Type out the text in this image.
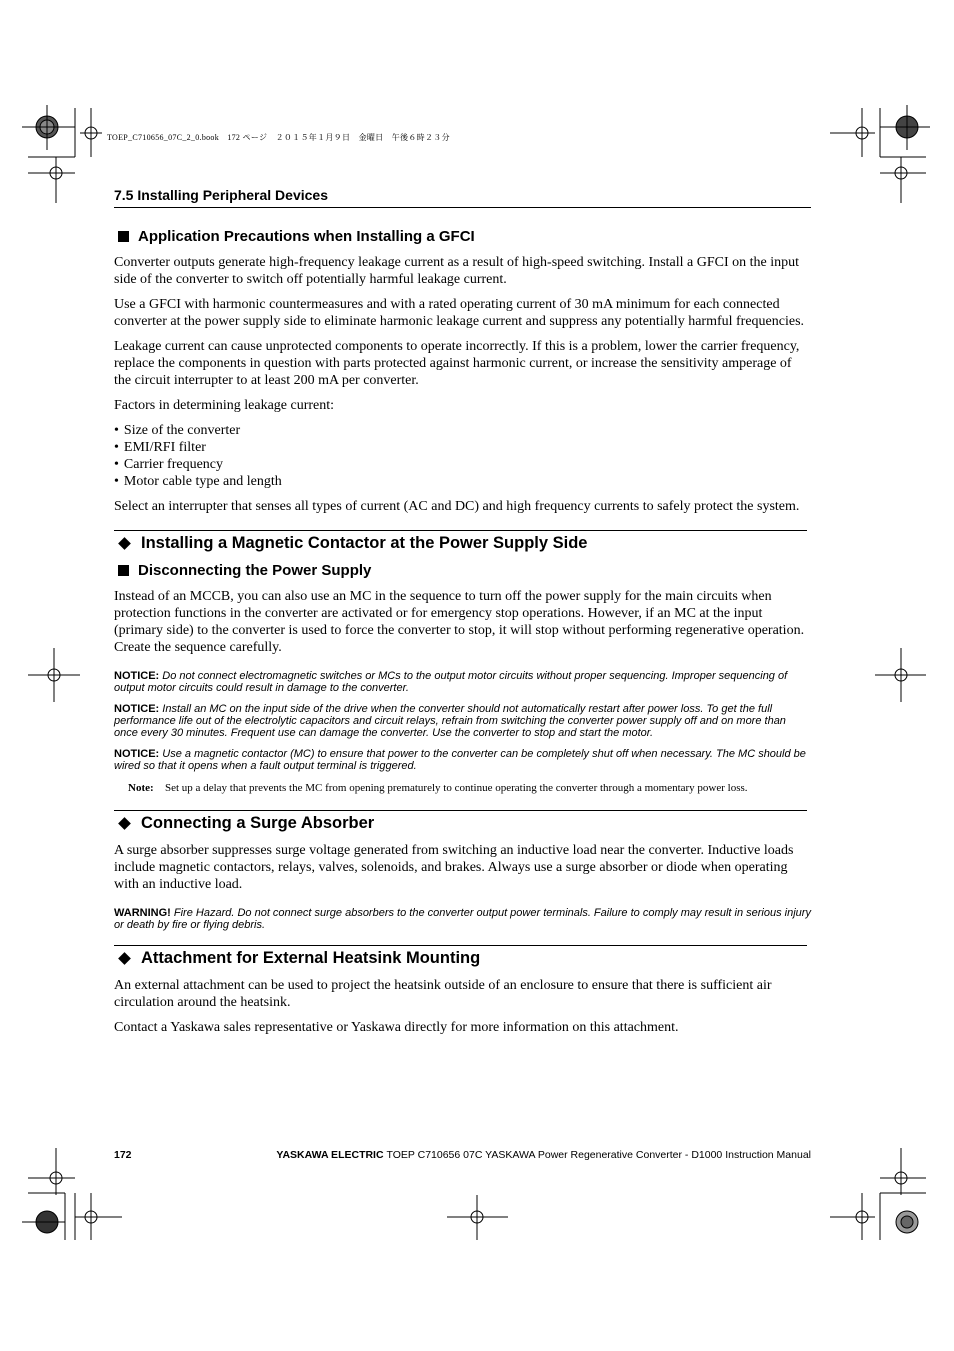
TOEP_C710656_07C_2_0.book　172 ページ　２０１５年１月９日　金曜日　午後６時２３分
7.5 Installing Peripheral Devices
Application Precautions when Installing a GFCI

Converter outputs generate high-frequency leakage current as a result of high-speed switching. Install a GFCI on the input side of the converter to switch off potentially harmful leakage current.

Use a GFCI with harmonic countermeasures and with a rated operating current of 30 mA minimum for each connected converter at the power supply side to eliminate harmonic leakage current and suppress any potentially harmful frequencies.

Leakage current can cause unprotected components to operate incorrectly. If this is a problem, lower the carrier frequency, replace the components in question with parts protected against harmonic current, or increase the sensitivity amperage of the circuit interrupter to at least 200 mA per converter.

Factors in determining leakage current:

• Size of the converter
• EMI/RFI filter
• Carrier frequency
• Motor cable type and length

Select an interrupter that senses all types of current (AC and DC) and high frequency currents to safely protect the system.

Installing a Magnetic Contactor at the Power Supply Side
Disconnecting the Power Supply

Instead of an MCCB, you can also use an MC in the sequence to turn off the power supply for the main circuits when protection functions in the converter are activated or for emergency stop operations. However, if an MC at the input (primary side) to the converter is used to force the converter to stop, it will stop without performing regenerative operation. Create the sequence carefully.

NOTICE: Do not connect electromagnetic switches or MCs to the output motor circuits without proper sequencing. Improper sequencing of output motor circuits could result in damage to the converter.

NOTICE: Install an MC on the input side of the drive when the converter should not automatically restart after power loss. To get the full performance life out of the electrolytic capacitors and circuit relays, refrain from switching the converter power supply off and on more than once every 30 minutes. Frequent use can damage the converter. Use the converter to stop and start the motor.

NOTICE: Use a magnetic contactor (MC) to ensure that power to the converter can be completely shut off when necessary. The MC should be wired so that it opens when a fault output terminal is triggered.

Note:	Set up a delay that prevents the MC from opening prematurely to continue operating the converter through a momentary power loss.
Connecting a Surge Absorber

A surge absorber suppresses surge voltage generated from switching an inductive load near the converter. Inductive loads include magnetic contactors, relays, valves, solenoids, and brakes. Always use a surge absorber or diode when operating with an inductive load.

WARNING! Fire Hazard. Do not connect surge absorbers to the converter output power terminals. Failure to comply may result in serious injury or death by fire or flying debris.

Attachment for External Heatsink Mounting

An external attachment can be used to project the heatsink outside of an enclosure to ensure that there is sufficient air circulation around the heatsink.

Contact a Yaskawa sales representative or Yaskawa directly for more information on this attachment.

172	YASKAWA ELECTRIC TOEP C710656 07C YASKAWA Power Regenerative Converter - D1000 Instruction Manual
